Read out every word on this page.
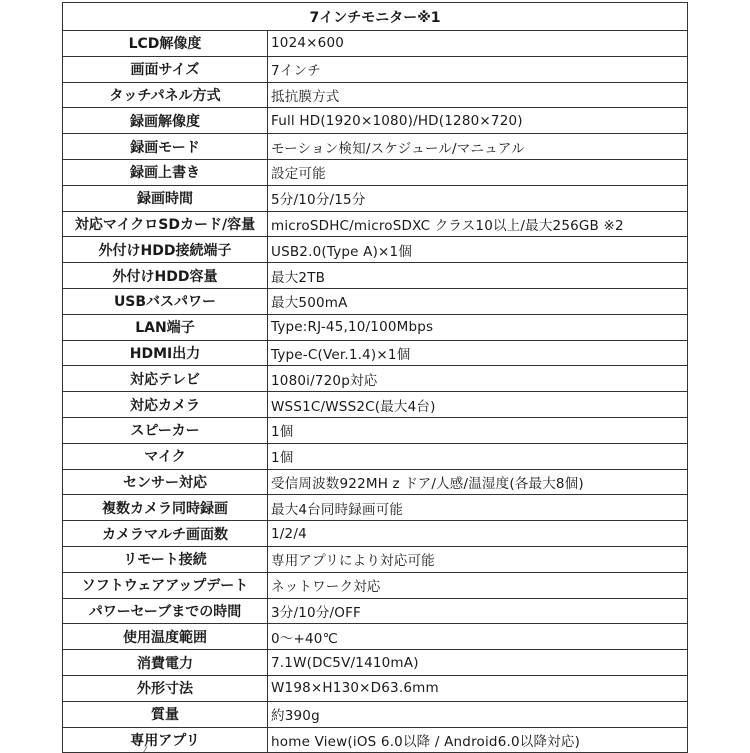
7インチモニター※1	
LCD解像度	1024×600
画面サイズ	7インチ
タッチパネル方式	抵抗膜方式
録画解像度	Full HD(1920×1080)/HD(1280×720)
録画モード	モーション検知/スケジュール/マニュアル
録画上書き	設定可能
録画時間	5分/10分/15分
対応マイクロSDカード/容量	microSDHC/microSDXC クラス10以上/最大256GB ※2
外付けHDD接続端子	USB2.0(Type A)×1個
外付けHDD容量	最大2TB
USBバスパワー	最大500mA
LAN端子	Type:RJ-45,10/100Mbps
HDMI出力	Type-C(Ver.1.4)×1個
対応テレビ	1080i/720p対応
対応カメラ	WSS1C/WSS2C(最大4台)
スピーカー	1個
マイク	1個
センサー対応	受信周波数922MH z ドア/人感/温湿度(各最大8個)
複数カメラ同時録画	最大4台同時録画可能
カメラマルチ画面数	1/2/4
リモート接続	専用アプリにより対応可能
ソフトウェアアップデート	ネットワーク対応
パワーセーブまでの時間	3分/10分/OFF
使用温度範囲	0～+40℃
消費電力	7.1W(DC5V/1410mA)
外形寸法	W198×H130×D63.6mm
質量	約390g
専用アプリ	home View(iOS 6.0以降 / Android6.0以降対応)
